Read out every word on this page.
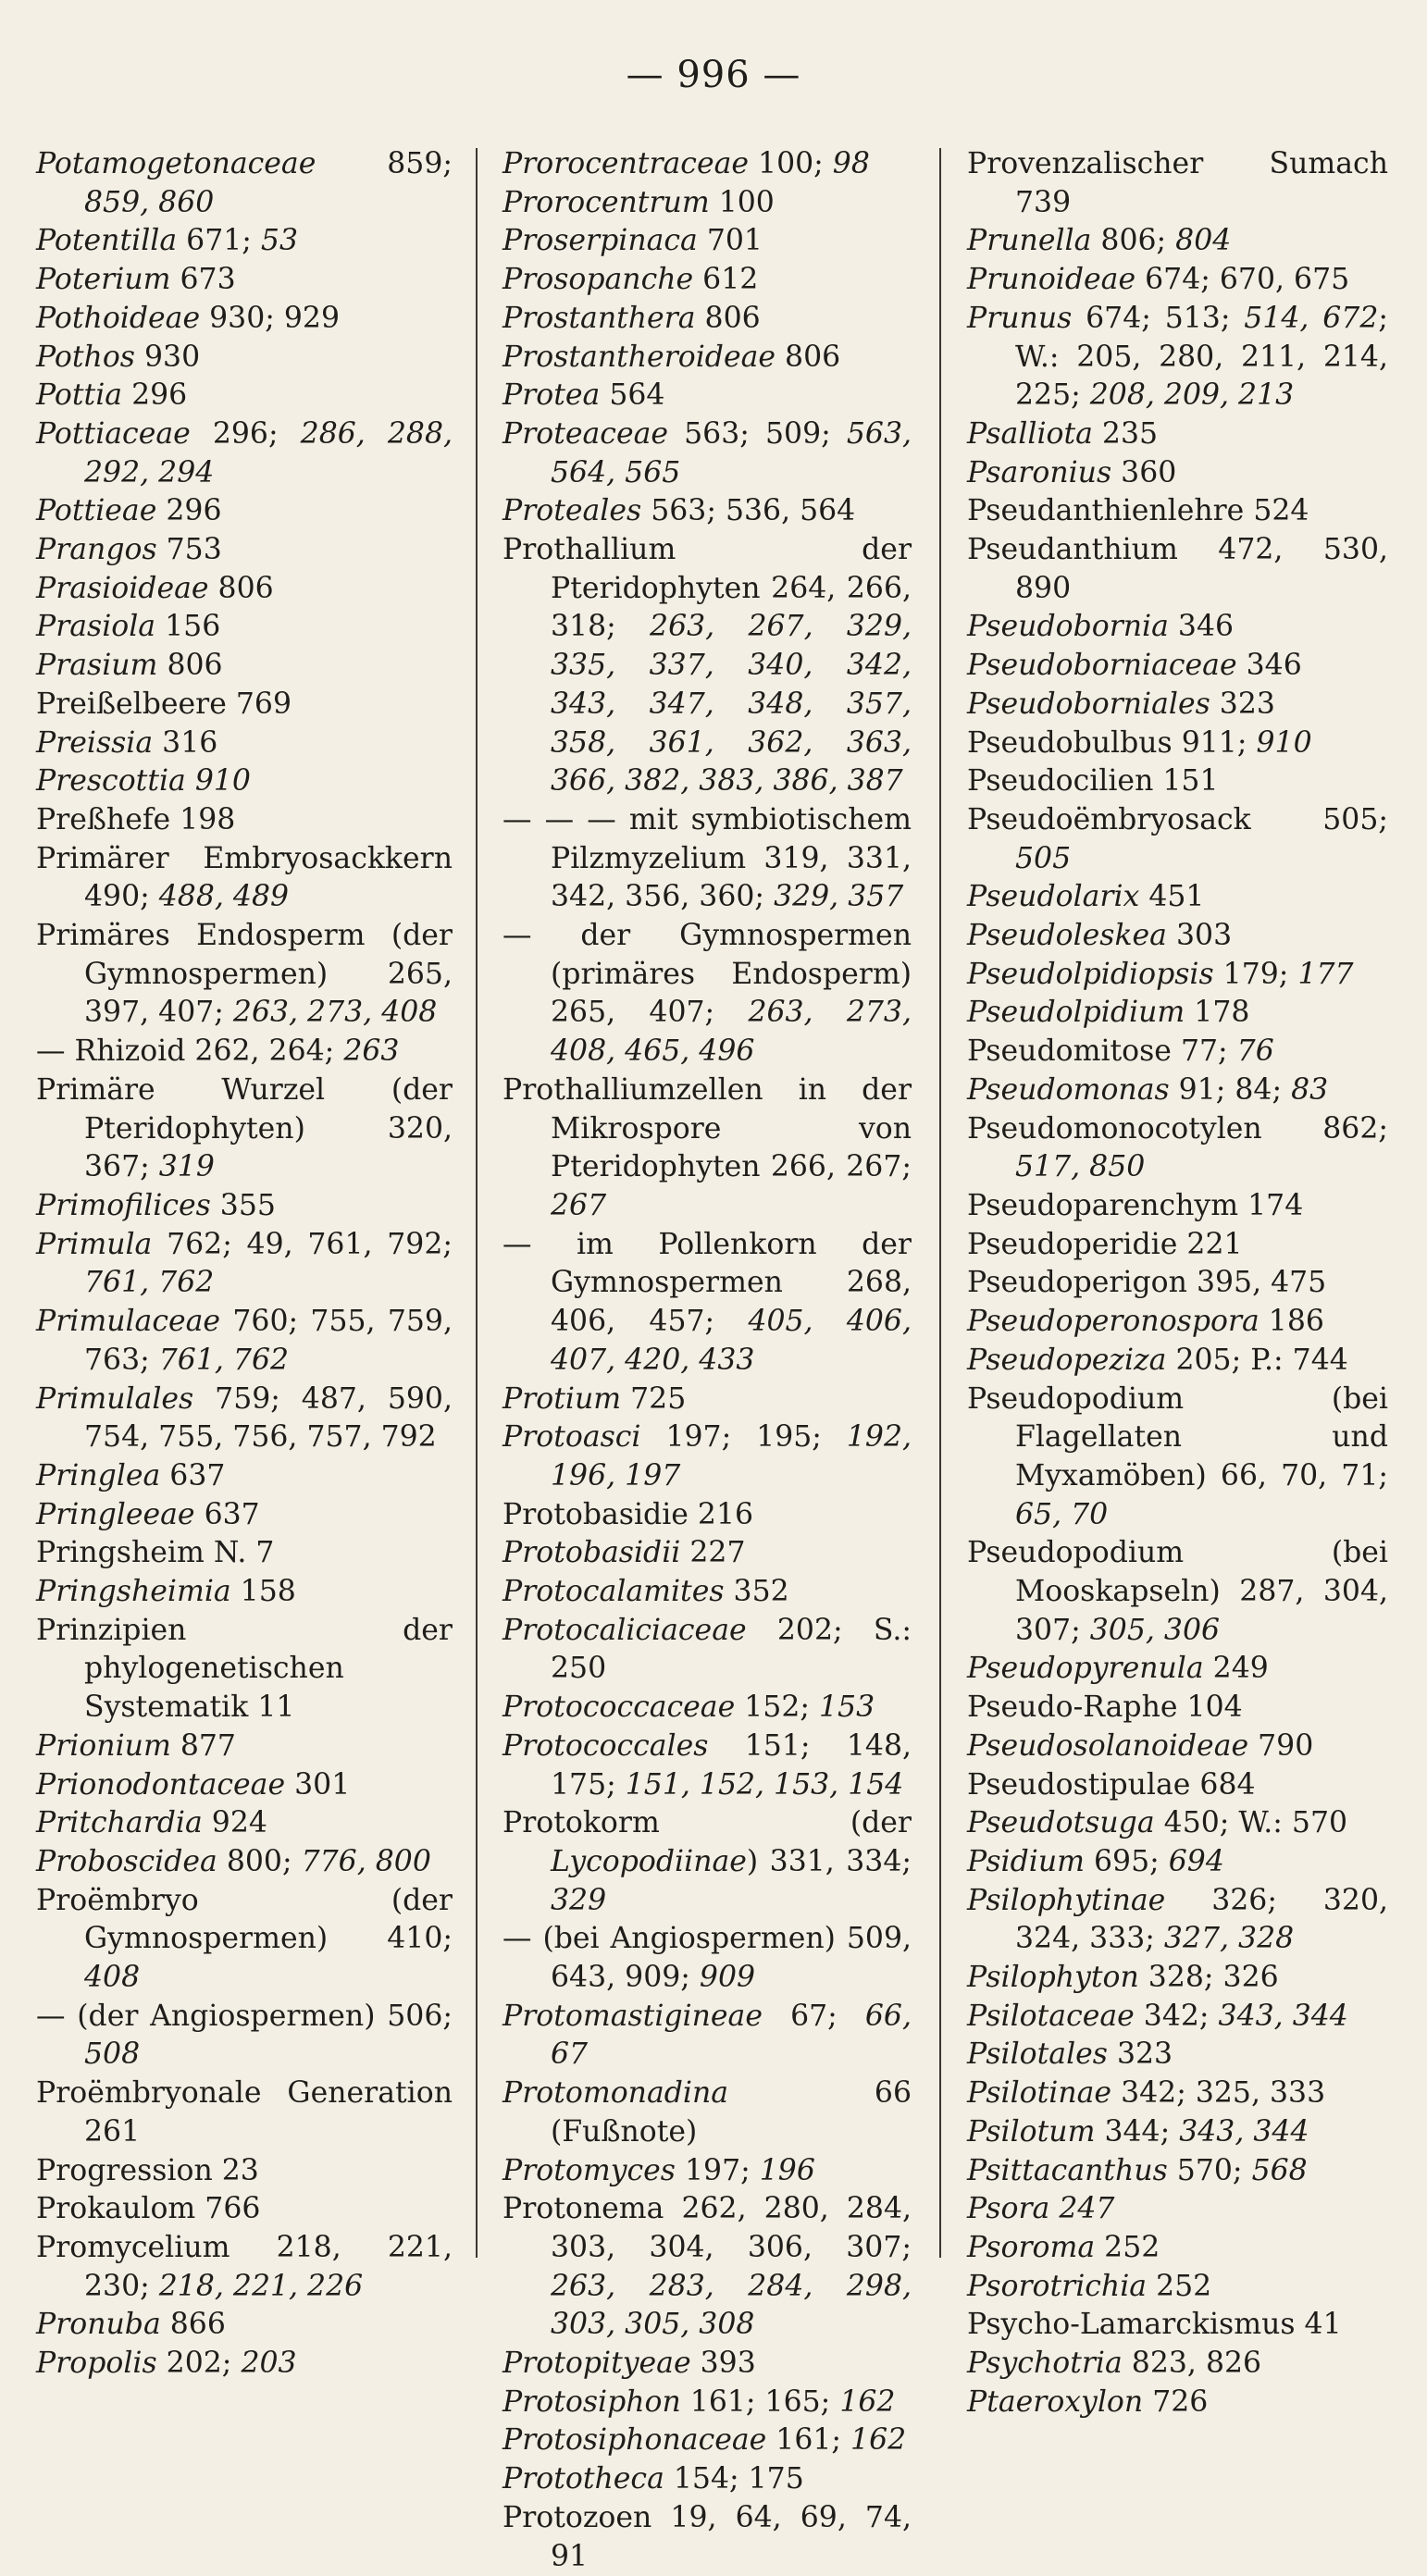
— 996 —
Potamogetonaceae 859; 859, 860
Potentilla 671; 53
Poterium 673
Pothoideae 930; 929
Pothos 930
Pottia 296
Pottiaceae 296; 286, 288, 292, 294
Pottieae 296
Prangos 753
Prasioideae 806
Prasiola 156
Prasium 806
Preißelbeere 769
Preissia 316
Prescottia 910
Preßhefe 198
Primärer Embryosackkern 490; 488, 489
Primäres Endosperm (der Gymnospermen) 265, 397, 407; 263, 273, 408
— Rhizoid 262, 264; 263
Primäre Wurzel (der Pteridophyten) 320, 367; 319
Primofilices 355
Primula 762; 49, 761, 792; 761, 762
Primulaceae 760; 755, 759, 763; 761, 762
Primulales 759; 487, 590, 754, 755, 756, 757, 792
Pringlea 637
Pringleeae 637
Pringsheim N. 7
Pringsheimia 158
Prinzipien der phylogenetischen Systematik 11
Prionium 877
Prionodontaceae 301
Pritchardia 924
Proboscidea 800; 776, 800
Proëmbryo (der Gymnospermen) 410; 408
— (der Angiospermen) 506; 508
Proëmbryonale Generation 261
Progression 23
Prokaulom 766
Promycelium 218, 221, 230; 218, 221, 226
Pronuba 866
Propolis 202; 203
Prorocentraceae 100; 98
Prorocentrum 100
Proserpinaca 701
Prosopanche 612
Prostanthera 806
Prostantheroideae 806
Protea 564
Proteaceae 563; 509; 563, 564, 565
Proteales 563; 536, 564
Prothallium der Pteridophyten 264, 266, 318; 263, 267, 329, 335, 337, 340, 342, 343, 347, 348, 357, 358, 361, 362, 363, 366, 382, 383, 386, 387
— — — mit symbiotischem Pilzmyzelium 319, 331, 342, 356, 360; 329, 357
— der Gymnospermen (primäres Endosperm) 265, 407; 263, 273, 408, 465, 496
Prothalliumzellen in der Mikrospore von Pteridophyten 266, 267; 267
— im Pollenkorn der Gymnospermen 268, 406, 457; 405, 406, 407, 420, 433
Protium 725
Protoasci 197; 195; 192, 196, 197
Protobasidie 216
Protobasidii 227
Protocalamites 352
Protocaliciaceae 202; S.: 250
Protococcaceae 152; 153
Protococcales 151; 148, 175; 151, 152, 153, 154
Protokorm (der Lycopodiinae) 331, 334; 329
— (bei Angiospermen) 509, 643, 909; 909
Protomastigineae 67; 66, 67
Protomonadina 66 (Fußnote)
Protomyces 197; 196
Protonema 262, 280, 284, 303, 304, 306, 307; 263, 283, 284, 298, 303, 305, 308
Protopityeae 393
Protosiphon 161; 165; 162
Protosiphonaceae 161; 162
Prototheca 154; 175
Protozoen 19, 64, 69, 74, 91
Provenzalischer Sumach 739
Prunella 806; 804
Prunoideae 674; 670, 675
Prunus 674; 513; 514, 672; W.: 205, 280, 211, 214, 225; 208, 209, 213
Psalliota 235
Psaronius 360
Pseudanthienlehre 524
Pseudanthium 472, 530, 890
Pseudobornia 346
Pseudoborniaceae 346
Pseudoborniales 323
Pseudobulbus 911; 910
Pseudocilien 151
Pseudoëmbryosack 505; 505
Pseudolarix 451
Pseudoleskea 303
Pseudolpidiopsis 179; 177
Pseudolpidium 178
Pseudomitose 77; 76
Pseudomonas 91; 84; 83
Pseudomonocotylen 862; 517, 850
Pseudoparenchym 174
Pseudoperidie 221
Pseudoperigon 395, 475
Pseudoperonospora 186
Pseudopeziza 205; P.: 744
Pseudopodium (bei Flagellaten und Myxamöben) 66, 70, 71; 65, 70
Pseudopodium (bei Mooskapseln) 287, 304, 307; 305, 306
Pseudopyrenula 249
Pseudo-Raphe 104
Pseudosolanoideae 790
Pseudostipulae 684
Pseudotsuga 450; W.: 570
Psidium 695; 694
Psilophytinae 326; 320, 324, 333; 327, 328
Psilophyton 328; 326
Psilotaceae 342; 343, 344
Psilotales 323
Psilotinae 342; 325, 333
Psilotum 344; 343, 344
Psittacanthus 570; 568
Psora 247
Psoroma 252
Psorotrichia 252
Psycho-Lamarckismus 41
Psychotria 823, 826
Ptaeroxylon 726
